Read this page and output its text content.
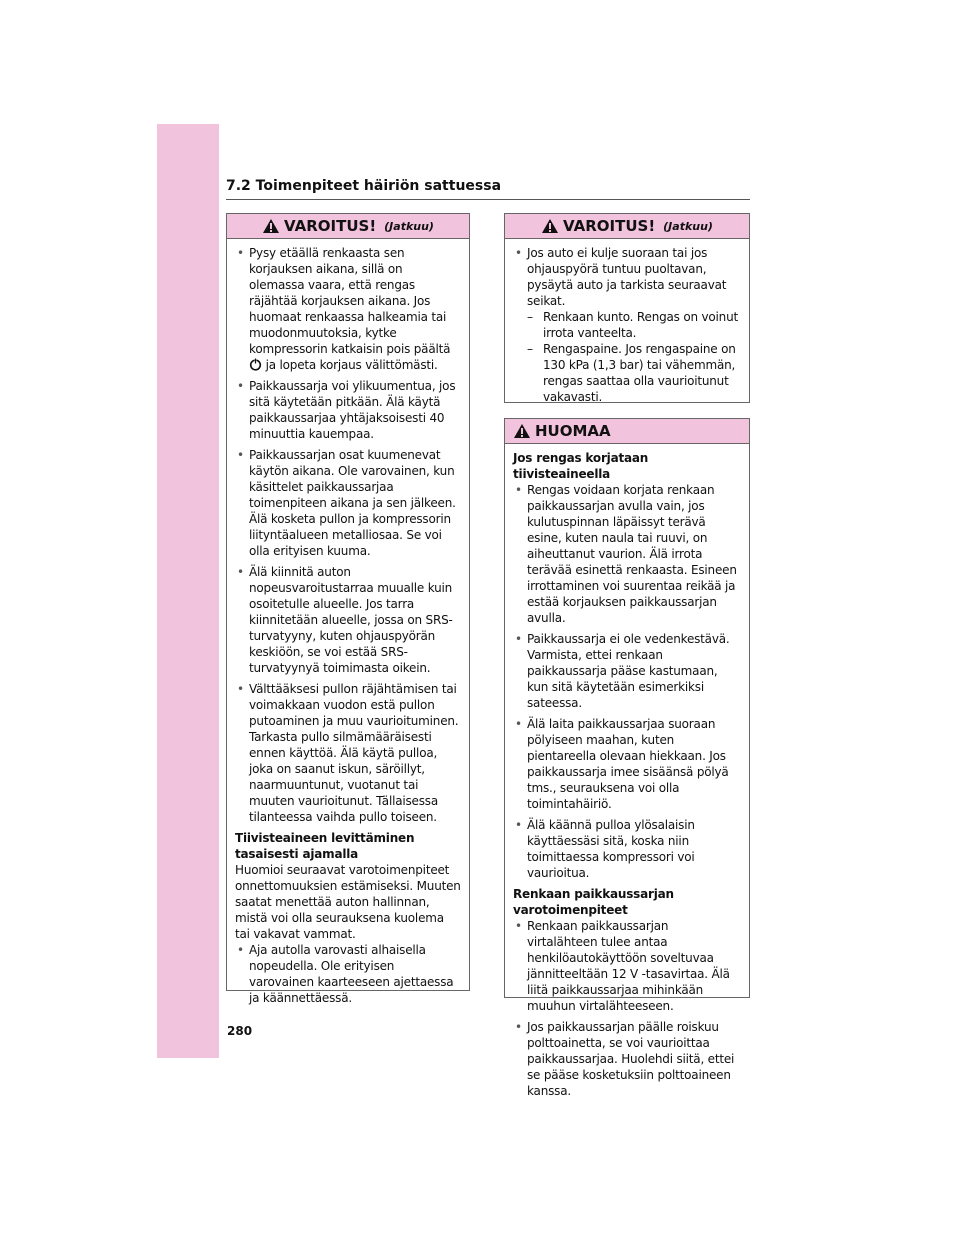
7.2 Toimenpiteet häiriön sattuessa
VAROITUS! (Jatkuu)
• Pysy etäällä renkaasta sen korjauksen aikana, sillä on olemassa vaara, että rengas räjähtää korjauksen aikana. Jos huomaat renkaassa halkeamia tai muodonmuutoksia, kytke kompressorin katkaisin pois päältä  ja lopeta korjaus välittömästi.
• Paikkaussarja voi ylikuumentua, jos sitä käytetään pitkään. Älä käytä paikkaussarjaa yhtäjaksoisesti 40 minuuttia kauempaa.
• Paikkaussarjan osat kuumenevat käytön aikana. Ole varovainen, kun käsittelet paikkaussarjaa toimenpiteen aikana ja sen jälkeen. Älä kosketa pullon ja kompressorin liityntäalueen metalliosaa. Se voi olla erityisen kuuma.
• Älä kiinnitä auton nopeusvaroitustarraa muualle kuin osoitetulle alueelle. Jos tarra kiinnitetään alueelle, jossa on SRS-turvatyyny, kuten ohjauspyörän keskiöön, se voi estää SRS-turvatyynyä toimimasta oikein.
• Välttääksesi pullon räjähtämisen tai voimakkaan vuodon estä pullon putoaminen ja muu vaurioituminen. Tarkasta pullo silmämääräisesti ennen käyttöä. Älä käytä pulloa, joka on saanut iskun, säröillyt, naarmuuntunut, vuotanut tai muuten vaurioitunut. Tällaisessa tilanteessa vaihda pullo toiseen.
Tiivisteaineen levittäminen tasaisesti ajamalla
Huomioi seuraavat varotoimenpiteet onnettomuuksien estämiseksi. Muuten saatat menettää auton hallinnan, mistä voi olla seurauksena kuolema tai vakavat vammat.
• Aja autolla varovasti alhaisella nopeudella. Ole erityisen varovainen kaarteeseen ajettaessa ja käännettäessä.
VAROITUS! (Jatkuu)
• Jos auto ei kulje suoraan tai jos ohjauspyörä tuntuu puoltavan, pysäytä auto ja tarkista seuraavat seikat.
– Renkaan kunto. Rengas on voinut irrota vanteelta.
– Rengaspaine. Jos rengaspaine on 130 kPa (1,3 bar) tai vähemmän, rengas saattaa olla vaurioitunut vakavasti.
HUOMAA
Jos rengas korjataan tiivisteaineella
• Rengas voidaan korjata renkaan paikkaussarjan avulla vain, jos kulutuspinnan läpäissyt terävä esine, kuten naula tai ruuvi, on aiheuttanut vaurion. Älä irrota terävää esinettä renkaasta. Esineen irrottaminen voi suurentaa reikää ja estää korjauksen paikkaussarjan avulla.
• Paikkaussarja ei ole vedenkestävä. Varmista, ettei renkaan paikkaussarja pääse kastumaan, kun sitä käytetään esimerkiksi sateessa.
• Älä laita paikkaussarjaa suoraan pölyiseen maahan, kuten pientareella olevaan hiekkaan. Jos paikkaussarja imee sisäänsä pölyä tms., seurauksena voi olla toimintahäiriö.
• Älä käännä pulloa ylösalaisin käyttäessäsi sitä, koska niin toimittaessa kompressori voi vaurioitua.
Renkaan paikkaussarjan varotoimenpiteet
• Renkaan paikkaussarjan virtalähteen tulee antaa henkilöautokäyttöön soveltuvaa jännitteeltään 12 V -tasavirtaa. Älä liitä paikkaussarjaa mihinkään muuhun virtalähteeseen.
• Jos paikkaussarjan päälle roiskuu polttoainetta, se voi vaurioittaa paikkaussarjaa. Huolehdi siitä, ettei se pääse kosketuksiin polttoaineen kanssa.
280
